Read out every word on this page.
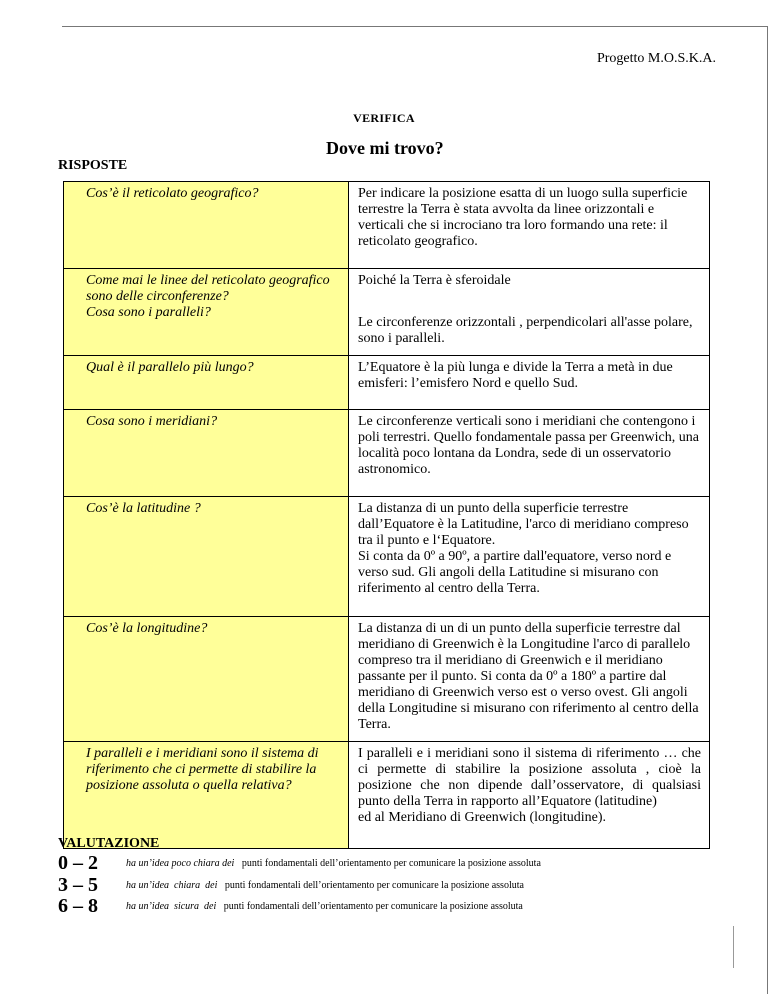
Progetto M.O.S.K.A.
VERIFICA
Dove mi trovo?
RISPOSTE
Cos’è il reticolato geografico?	Per indicare la posizione esatta di un luogo sulla superficie terrestre la Terra è stata avvolta da linee orizzontali e verticali che si incrociano tra loro formando una rete: il reticolato geografico.

Come mai le linee del reticolato geografico sono delle circonferenze?
Cosa sono i paralleli?	Poiché la Terra è sferoidale
	Le circonferenze orizzontali , perpendicolari all'asse polare, sono i paralleli.
Qual è il parallelo più lungo?	L’Equatore è la più lunga e divide la Terra a metà in due emisferi: l’emisfero Nord e quello Sud.
Cosa sono i meridiani?	Le circonferenze verticali sono i meridiani che contengono i poli terrestri. Quello fondamentale passa per Greenwich, una località poco lontana da Londra, sede di un osservatorio astronomico.
Cos’è la latitudine ?	La distanza di un punto della superficie terrestre dall’Equatore è la Latitudine, l'arco di meridiano compreso tra il punto e l‘Equatore.
Si conta da 0º a 90º, a partire dall'equatore, verso nord e verso sud. Gli angoli della Latitudine si misurano con riferimento al centro della Terra.

Cos’è la longitudine?	La distanza di un di un punto della superficie terrestre dal meridiano di Greenwich è la Longitudine l'arco di parallelo compreso tra il meridiano di Greenwich e il meridiano passante per il punto. Si conta da 0º a 180º a partire dal meridiano di Greenwich verso est o verso ovest. Gli angoli della Longitudine si misurano con riferimento al centro della Terra.
I paralleli e i meridiani sono il sistema di riferimento che ci permette di stabilire la posizione assoluta o quella relativa?	I paralleli e i meridiani sono il sistema di riferimento … che ci permette di stabilire la posizione assoluta , cioè la posizione che non dipende dall’osservatore, di qualsiasi punto della Terra in rapporto all’Equatore (latitudine)
ed al Meridiano di Greenwich (longitudine).
VALUTAZIONE
0 – 2	ha un’idea poco chiara dei   punti fondamentali dell’orientamento per comunicare la posizione assoluta
3 – 5	ha un’idea  chiara  dei   punti fondamentali dell’orientamento per comunicare la posizione assoluta
6 – 8	ha un’idea  sicura  dei   punti fondamentali dell’orientamento per comunicare la posizione assoluta
